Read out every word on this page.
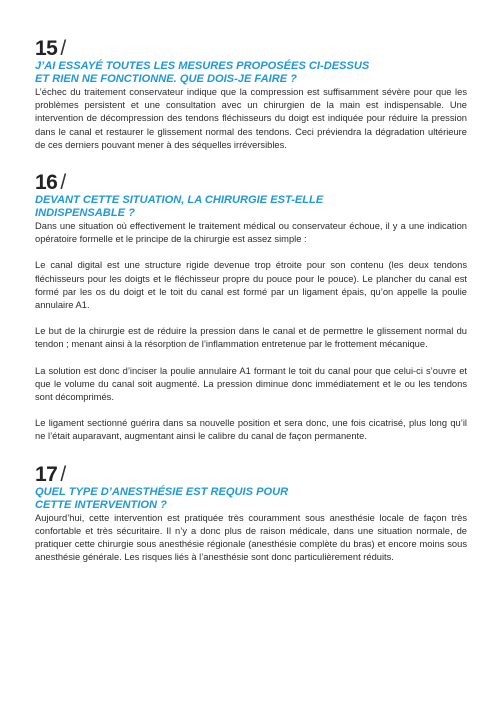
15 /
J’AI ESSAYÉ TOUTES LES MESURES PROPOSÉES CI-DESSUS
ET RIEN NE FONCTIONNE. QUE DOIS-JE FAIRE ?

L’échec du traitement conservateur indique que la compression est suffisamment sévère pour que les problèmes persistent et une consultation avec un chirurgien de la main est indispensable. Une intervention de décompression des tendons fléchisseurs du doigt est indiquée pour réduire la pression dans le canal et restaurer le glissement normal des tendons. Ceci préviendra la dégradation ultérieure de ces derniers pouvant mener à des séquelles irréversibles.

16 /
DEVANT CETTE SITUATION, LA CHIRURGIE EST-ELLE
INDISPENSABLE ?

Dans une situation où effectivement le traitement médical ou conservateur échoue, il y a une indication opératoire formelle et le principe de la chirurgie est assez simple :

Le canal digital est une structure rigide devenue trop étroite pour son contenu (les deux tendons fléchisseurs pour les doigts et le fléchisseur propre du pouce pour le pouce). Le plancher du canal est formé par les os du doigt et le toit du canal est formé par un ligament épais, qu’on appelle la poulie annulaire A1.

Le but de la chirurgie est de réduire la pression dans le canal et de permettre le glissement normal du tendon ; menant ainsi à la résorption de l’inflammation entretenue par le frottement mécanique.

La solution est donc d’inciser la poulie annulaire A1 formant le toit du canal pour que celui-ci s’ouvre et que le volume du canal soit augmenté. La pression diminue donc immédiatement et le ou les tendons sont décomprimés.

Le ligament sectionné guérira dans sa nouvelle position et sera donc, une fois cicatrisé, plus long qu’il ne l’était auparavant, augmentant ainsi le calibre du canal de façon permanente.

17 /
QUEL TYPE D’ANESTHÉSIE EST REQUIS POUR
CETTE INTERVENTION ?

Aujourd’hui, cette intervention est pratiquée très couramment sous anesthésie locale de façon très confortable et très sécuritaire. Il n’y a donc plus de raison médicale, dans une situation normale, de pratiquer cette chirurgie sous anesthésie régionale (anesthésie complète du bras) et encore moins sous anesthésie générale. Les risques liés à l’anesthésie sont donc particulièrement réduits.
